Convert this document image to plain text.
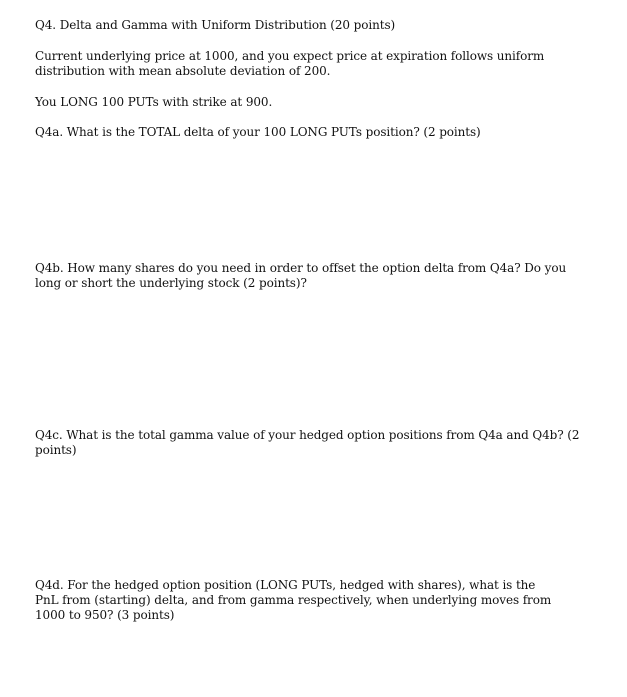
Q4. Delta and Gamma with Uniform Distribution (20 points)
Current underlying price at 1000, and you expect price at expiration follows uniform distribution with mean absolute deviation of 200.
You LONG 100 PUTs with strike at 900.
Q4a. What is the TOTAL delta of your 100 LONG PUTs position? (2 points)
Q4b. How many shares do you need in order to offset the option delta from Q4a? Do you long or short the underlying stock (2 points)?
Q4c. What is the total gamma value of your hedged option positions from Q4a and Q4b? (2 points)
Q4d. For the hedged option position (LONG PUTs, hedged with shares), what is the PnL from (starting) delta, and from gamma respectively, when underlying moves from 1000 to 950? (3 points)
